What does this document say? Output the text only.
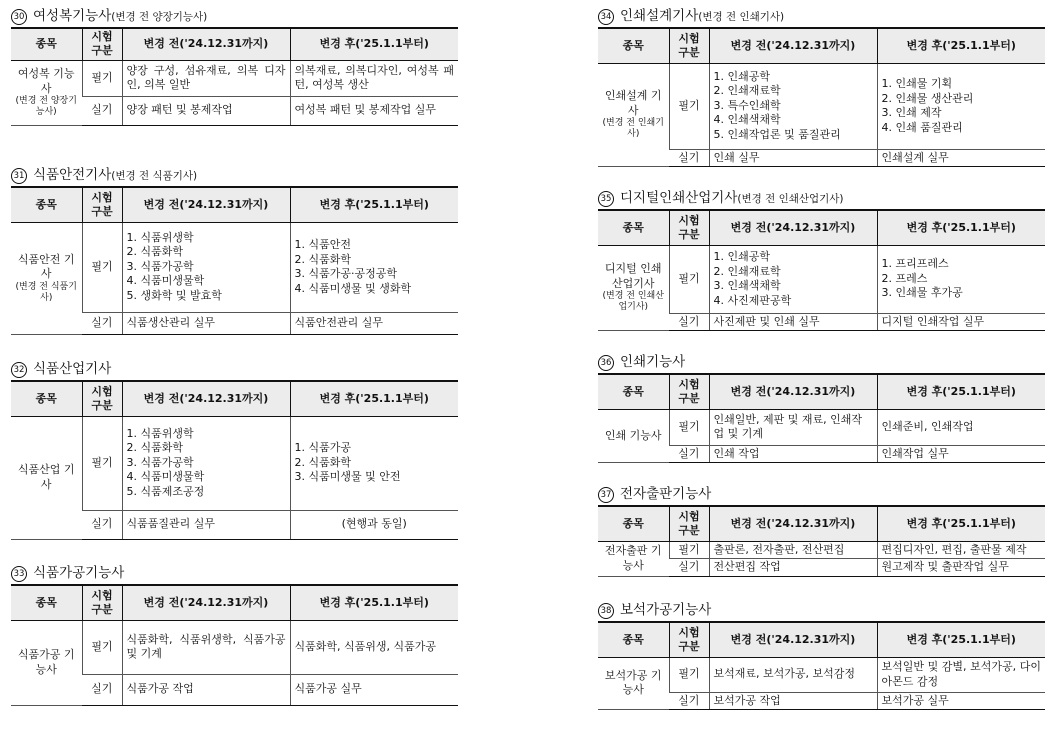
30 여성복기능사(변경 전 양장기능사)
종목	시험 구분	변경 전('24.12.31까지)	변경 후('25.1.1부터)
여성복 기능사
(변경 전 양장기능사)	필기	양장 구성, 섬유재료, 의복 디자인, 의복 일반	의복재료, 의복디자인, 여성복 패턴, 여성복 생산
	실기	양장 패턴 및 봉제작업	여성복 패턴 및 봉제작업 실무
31 식품안전기사(변경 전 식품기사)
종목	시험 구분	변경 전('24.12.31까지)	변경 후('25.1.1부터)
식품안전 기사
(변경 전 식품기사)	필기	1. 식품위생학
2. 식품화학
3. 식품가공학
4. 식품미생물학
5. 생화학 및 발효학	1. 식품안전
2. 식품화학
3. 식품가공·공정공학
4. 식품미생물 및 생화학

	실기	식품생산관리 실무	식품안전관리 실무
32 식품산업기사
종목	시험 구분	변경 전('24.12.31까지)	변경 후('25.1.1부터)
식품산업 기사	필기	1. 식품위생학
2. 식품화학
3. 식품가공학
4. 식품미생물학
5. 식품제조공정	1. 식품가공
2. 식품화학
3. 식품미생물 및 안전

	실기	식품품질관리 실무	(현행과 동일)
33 식품가공기능사
종목	시험 구분	변경 전('24.12.31까지)	변경 후('25.1.1부터)
식품가공 기능사	필기	식품화학, 식품위생학, 식품가공 및 기계	식품화학, 식품위생, 식품가공
	실기	식품가공 작업	식품가공 실무
34 인쇄설계기사(변경 전 인쇄기사)
종목	시험 구분	변경 전('24.12.31까지)	변경 후('25.1.1부터)
인쇄설계 기사
(변경 전 인쇄기사)	필기	1. 인쇄공학
2. 인쇄재료학
3. 특수인쇄학
4. 인쇄색채학
5. 인쇄작업론 및 품질관리	1. 인쇄물 기획
2. 인쇄물 생산관리
3. 인쇄 제작
4. 인쇄 품질관리

	실기	인쇄 실무	인쇄설계 실무
35 디지털인쇄산업기사(변경 전 인쇄산업기사)
종목	시험 구분	변경 전('24.12.31까지)	변경 후('25.1.1부터)
디지털 인쇄 산업기사
(변경 전 인쇄산업기사)	필기	1. 인쇄공학
2. 인쇄재료학
3. 인쇄색채학
4. 사진제판공학	1. 프리프레스
2. 프레스
3. 인쇄물 후가공

	실기	사진제판 및 인쇄 실무	디지털 인쇄작업 실무
36 인쇄기능사
종목	시험 구분	변경 전('24.12.31까지)	변경 후('25.1.1부터)
인쇄 기능사	필기	인쇄일반, 제판 및 재료, 인쇄작업 및 기계	인쇄준비, 인쇄작업
	실기	인쇄 작업	인쇄작업 실무
37 전자출판기능사
종목	시험 구분	변경 전('24.12.31까지)	변경 후('25.1.1부터)
전자출판 기능사	필기	출판론, 전자출판, 전산편집	편집디자인, 편집, 출판물 제작
	실기	전산편집 작업	원고제작 및 출판작업 실무
38 보석가공기능사
종목	시험 구분	변경 전('24.12.31까지)	변경 후('25.1.1부터)
보석가공 기능사	필기	보석재료, 보석가공, 보석감정	보석일반 및 감별, 보석가공, 다이아몬드 감정
	실기	보석가공 작업	보석가공 실무
